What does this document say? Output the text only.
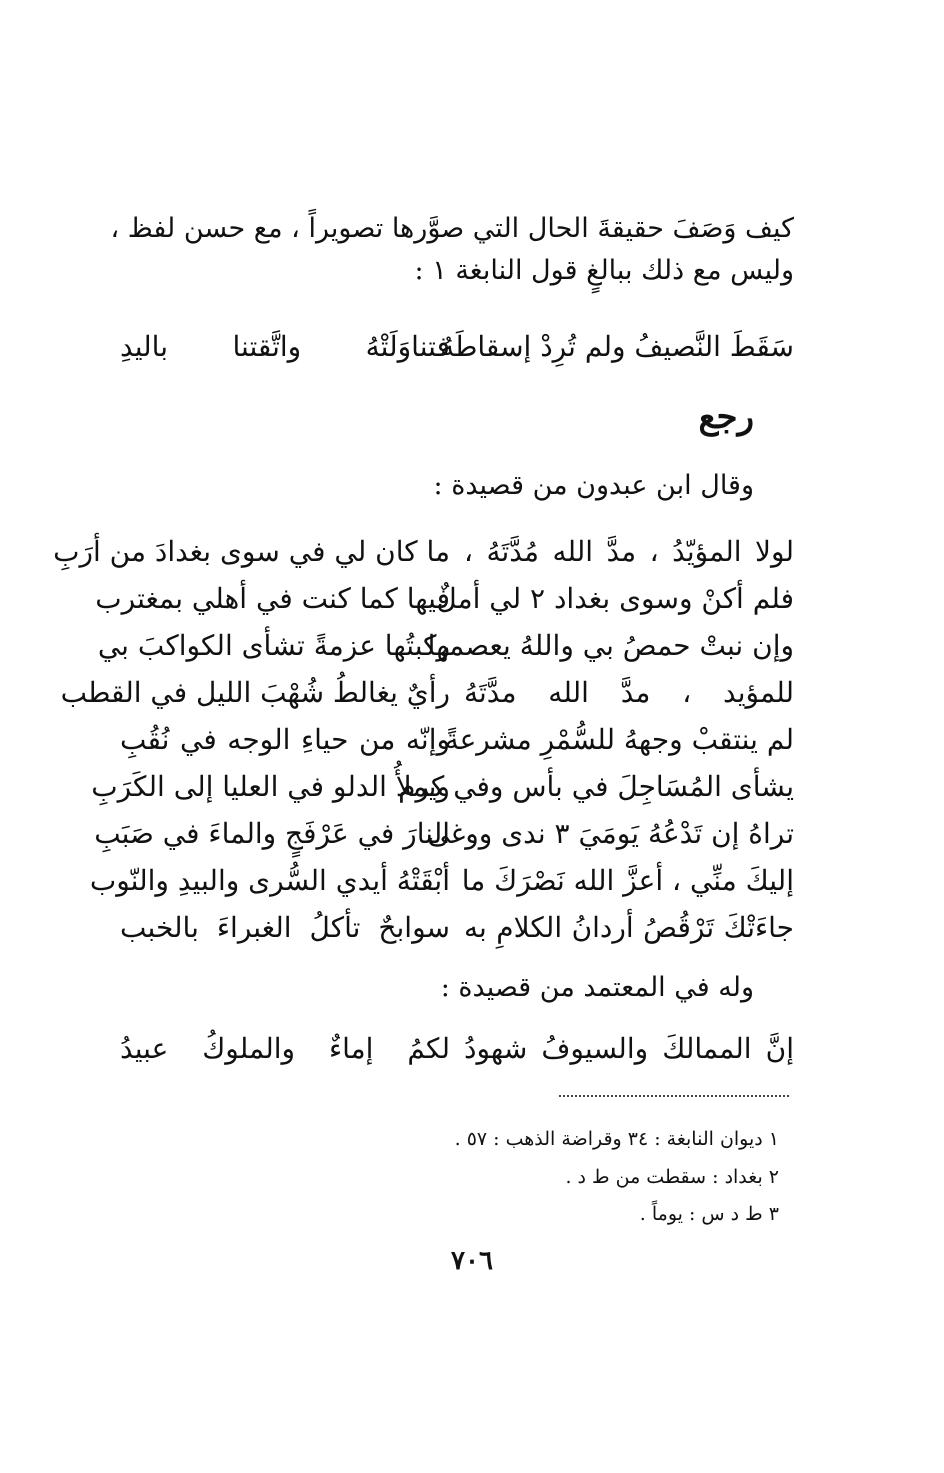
كيف وَصَفَ حقيقةَ الحال التي صوَّرها تصويراً ، مع حسن لفظ ،
وليس مع ذلك ببالغٍ قول النابغة ١ :
سَقَطَ النَّصيفُ ولم تُرِدْ إسقاطَهُ
فتناوَلَتْهُ واتَّقتنا باليدِ
رجع
وقال ابن عبدون من قصيدة :
لولا المؤيّدُ ، مدَّ الله مُدَّتَهُ ،
ما كان لي في سوى بغدادَ من أرَبِ
فلم أكنْ وسوى بغداد ٢ لي أملٌ
فيها كما كنت في أهلي بمغترب
وإن نبتْ حمصُ بي واللهُ يعصمها
ركبتُها عزمةً تشأى الكواكبَ بي
للمؤيد ، مدَّ الله مدَّتَهُ
رأيٌ يغالطُ شُهْبَ الليل في القطب
لم ينتقبْ وجههُ للسُّمْرِ مشرعةً
وإنّه من حياءِ الوجه في نُقُبِ
يشأى المُسَاجِلَ في بأس وفي كرم
ويملأُ الدلو في العليا إلى الكَرَبِ
تراهُ إن تَدْعُهُ يَومَيَ ٣ ندى ووغى
النارَ في عَرْفَجٍ والماءَ في صَبَبِ
إليكَ منِّي ، أعزَّ الله نَصْرَكَ ما
أبْقَتْهُ أيدي السُّرى والبيدِ والنّوب
جاءَتْكَ تَرْقُصُ أردانُ الكلامِ به
سوابحٌ تأكلُ الغبراءَ بالخبب
وله في المعتمد من قصيدة :
إنَّ الممالكَ والسيوفُ شهودُ
لكمُ إماءٌ والملوكُ عبيدُ
١ ديوان النابغة : ٣٤ وقراضة الذهب : ٥٧ .
٢ بغداد : سقطت من ط د .
٣ ط د س : يوماً .
٧٠٦
